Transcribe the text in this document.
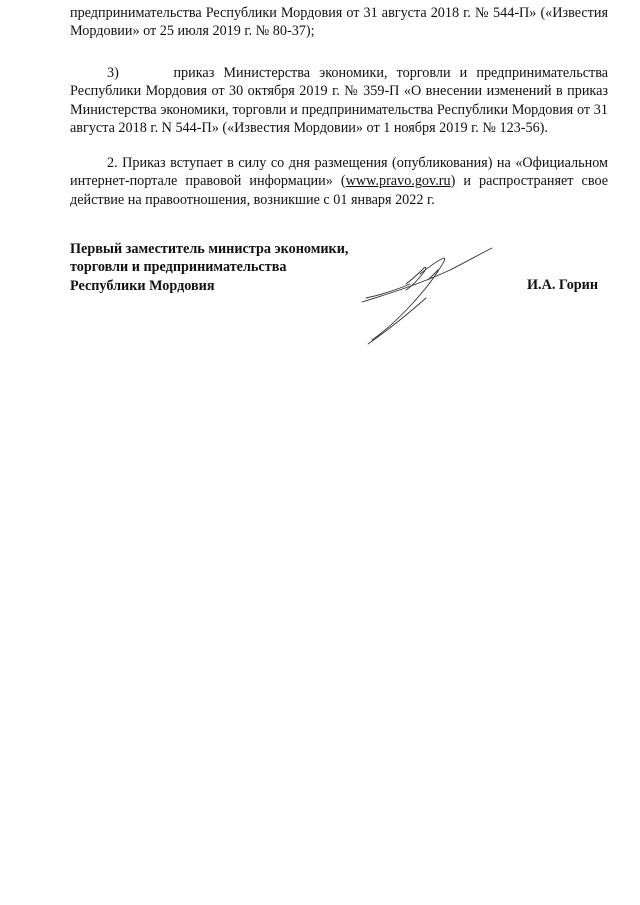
предпринимательства Республики Мордовия от 31 августа 2018 г. № 544-П» («Известия Мордовии» от 25 июля 2019 г. № 80-37);

3)	приказ Министерства экономики, торговли и предпринимательства Республики Мордовия от 30 октября 2019 г. № 359-П «О внесении изменений в приказ Министерства экономики, торговли и предпринимательства Республики Мордовия от 31 августа 2018 г. N 544-П» («Известия Мордовии» от 1 ноября 2019 г. № 123-56).

2. Приказ вступает в силу со дня размещения (опубликования) на «Официальном интернет-портале правовой информации» (www.pravo.gov.ru) и распространяет свое действие на правоотношения, возникшие с 01 января 2022 г.

Первый заместитель министра экономики,
торговли и предпринимательства
Республики Мордовия	И.А. Горин
